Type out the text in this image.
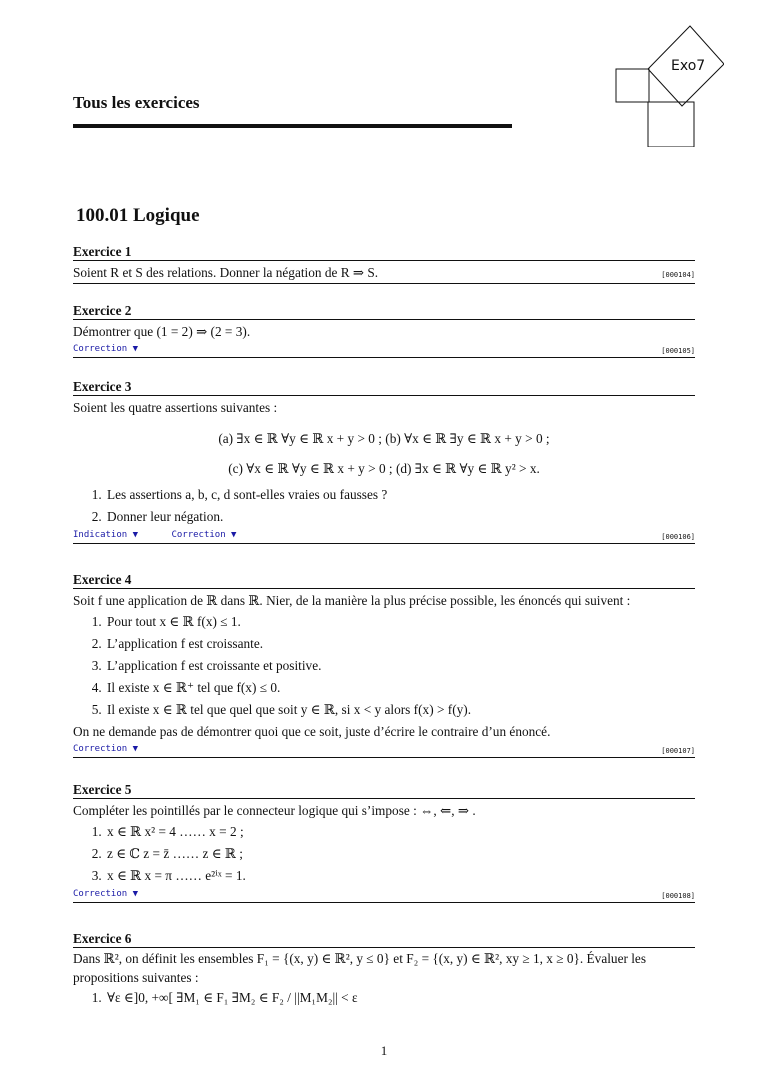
Exo7
Tous les exercices
100.01 Logique
Exercice 1
Soient R et S des relations. Donner la négation de R ⇒ S.	[000104]
Exercice 2
Démontrer que (1 = 2) ⇒ (2 = 3).
Correction ▼	[000105]
Exercice 3
Soient les quatre assertions suivantes :
(a) ∃x ∈ ℝ ∀y ∈ ℝ x + y > 0 ; (b) ∀x ∈ ℝ ∃y ∈ ℝ x + y > 0 ;
(c) ∀x ∈ ℝ ∀y ∈ ℝ x + y > 0 ; (d) ∃x ∈ ℝ ∀y ∈ ℝ y² > x.
1. Les assertions a, b, c, d sont-elles vraies ou fausses ?
2. Donner leur négation.
Indication ▼	Correction ▼	[000106]
Exercice 4
Soit f une application de ℝ dans ℝ. Nier, de la manière la plus précise possible, les énoncés qui suivent :
1. Pour tout x ∈ ℝ f(x) ≤ 1.
2. L’application f est croissante.
3. L’application f est croissante et positive.
4. Il existe x ∈ ℝ⁺ tel que f(x) ≤ 0.
5. Il existe x ∈ ℝ tel que quel que soit y ∈ ℝ, si x < y alors f(x) > f(y).
On ne demande pas de démontrer quoi que ce soit, juste d’écrire le contraire d’un énoncé.
Correction ▼	[000107]
Exercice 5
Compléter les pointillés par le connecteur logique qui s’impose : ⇔, ⇐, ⇒ .
1. x ∈ ℝ x² = 4 …… x = 2 ;
2. z ∈ ℂ z = z̄ …… z ∈ ℝ ;
3. x ∈ ℝ x = π …… e²ⁱˣ = 1.
Correction ▼	[000108]
Exercice 6
Dans ℝ², on définit les ensembles F₁ = {(x, y) ∈ ℝ², y ≤ 0} et F₂ = {(x, y) ∈ ℝ², xy ≥ 1, x ≥ 0}. Évaluer les propositions suivantes :
1. ∀ε ∈]0, +∞[ ∃M₁ ∈ F₁ ∃M₂ ∈ F₂ / ||M₁M₂|| < ε
1
